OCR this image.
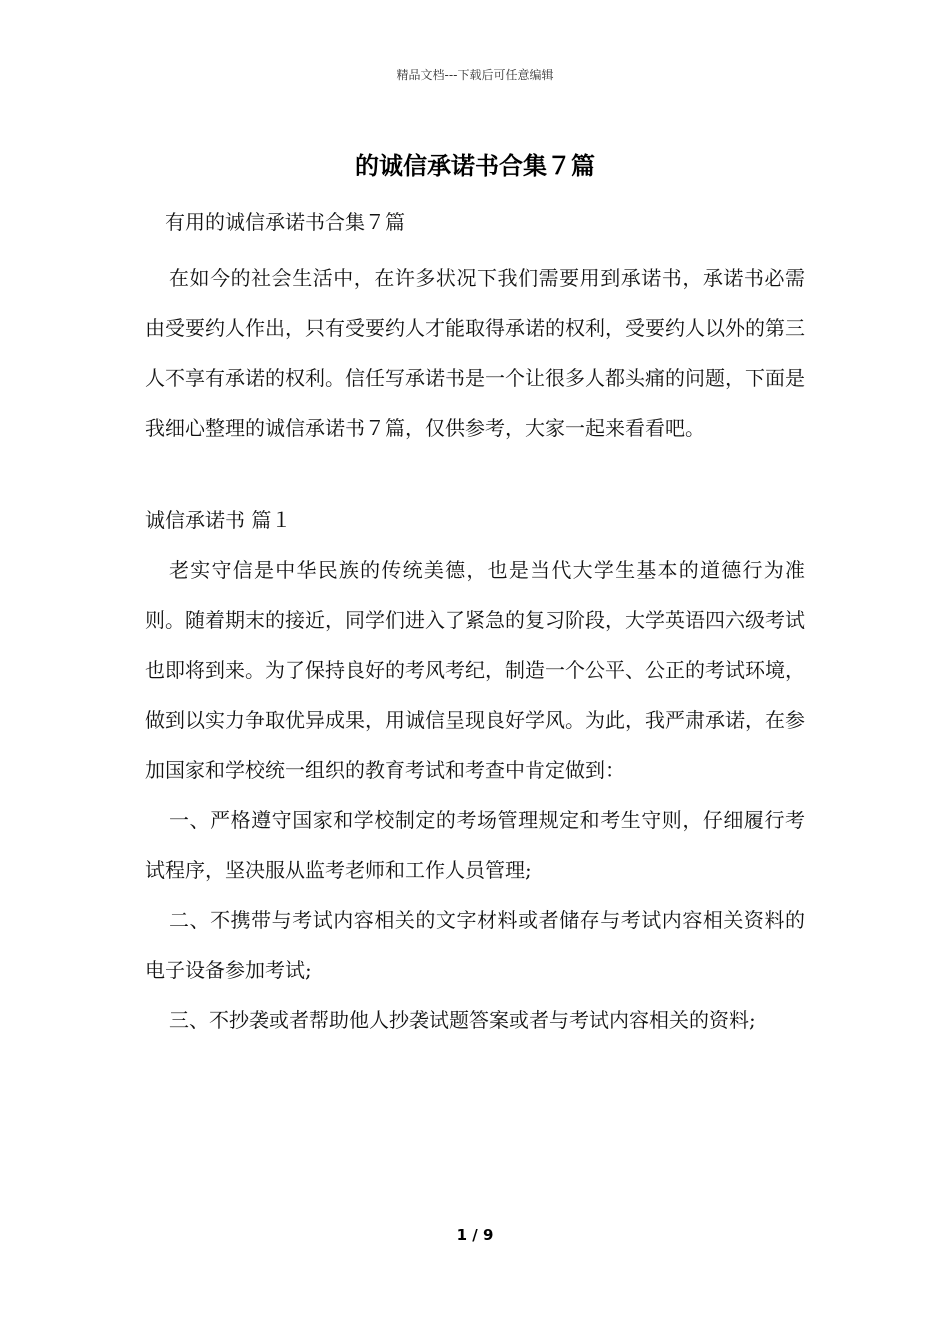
精品文档---下载后可任意编辑
的诚信承诺书合集７篇

有用的诚信承诺书合集７篇

在如今的社会生活中，在许多状况下我们需要用到承诺书，承诺书必需由受要约人作出，只有受要约人才能取得承诺的权利，受要约人以外的第三人不享有承诺的权利。信任写承诺书是一个让很多人都头痛的问题，下面是我细心整理的诚信承诺书７篇，仅供参考，大家一起来看看吧。

诚信承诺书 篇１

老实守信是中华民族的传统美德，也是当代大学生基本的道德行为准则。随着期末的接近，同学们进入了紧急的复习阶段，大学英语四六级考试也即将到来。为了保持良好的考风考纪，制造一个公平、公正的考试环境，做到以实力争取优异成果，用诚信呈现良好学风。为此，我严肃承诺，在参加国家和学校统一组织的教育考试和考查中肯定做到：

一、严格遵守国家和学校制定的考场管理规定和考生守则，仔细履行考试程序，坚决服从监考老师和工作人员管理;

二、不携带与考试内容相关的文字材料或者储存与考试内容相关资料的电子设备参加考试;

三、不抄袭或者帮助他人抄袭试题答案或者与考试内容相关的资料;

1 / 9
